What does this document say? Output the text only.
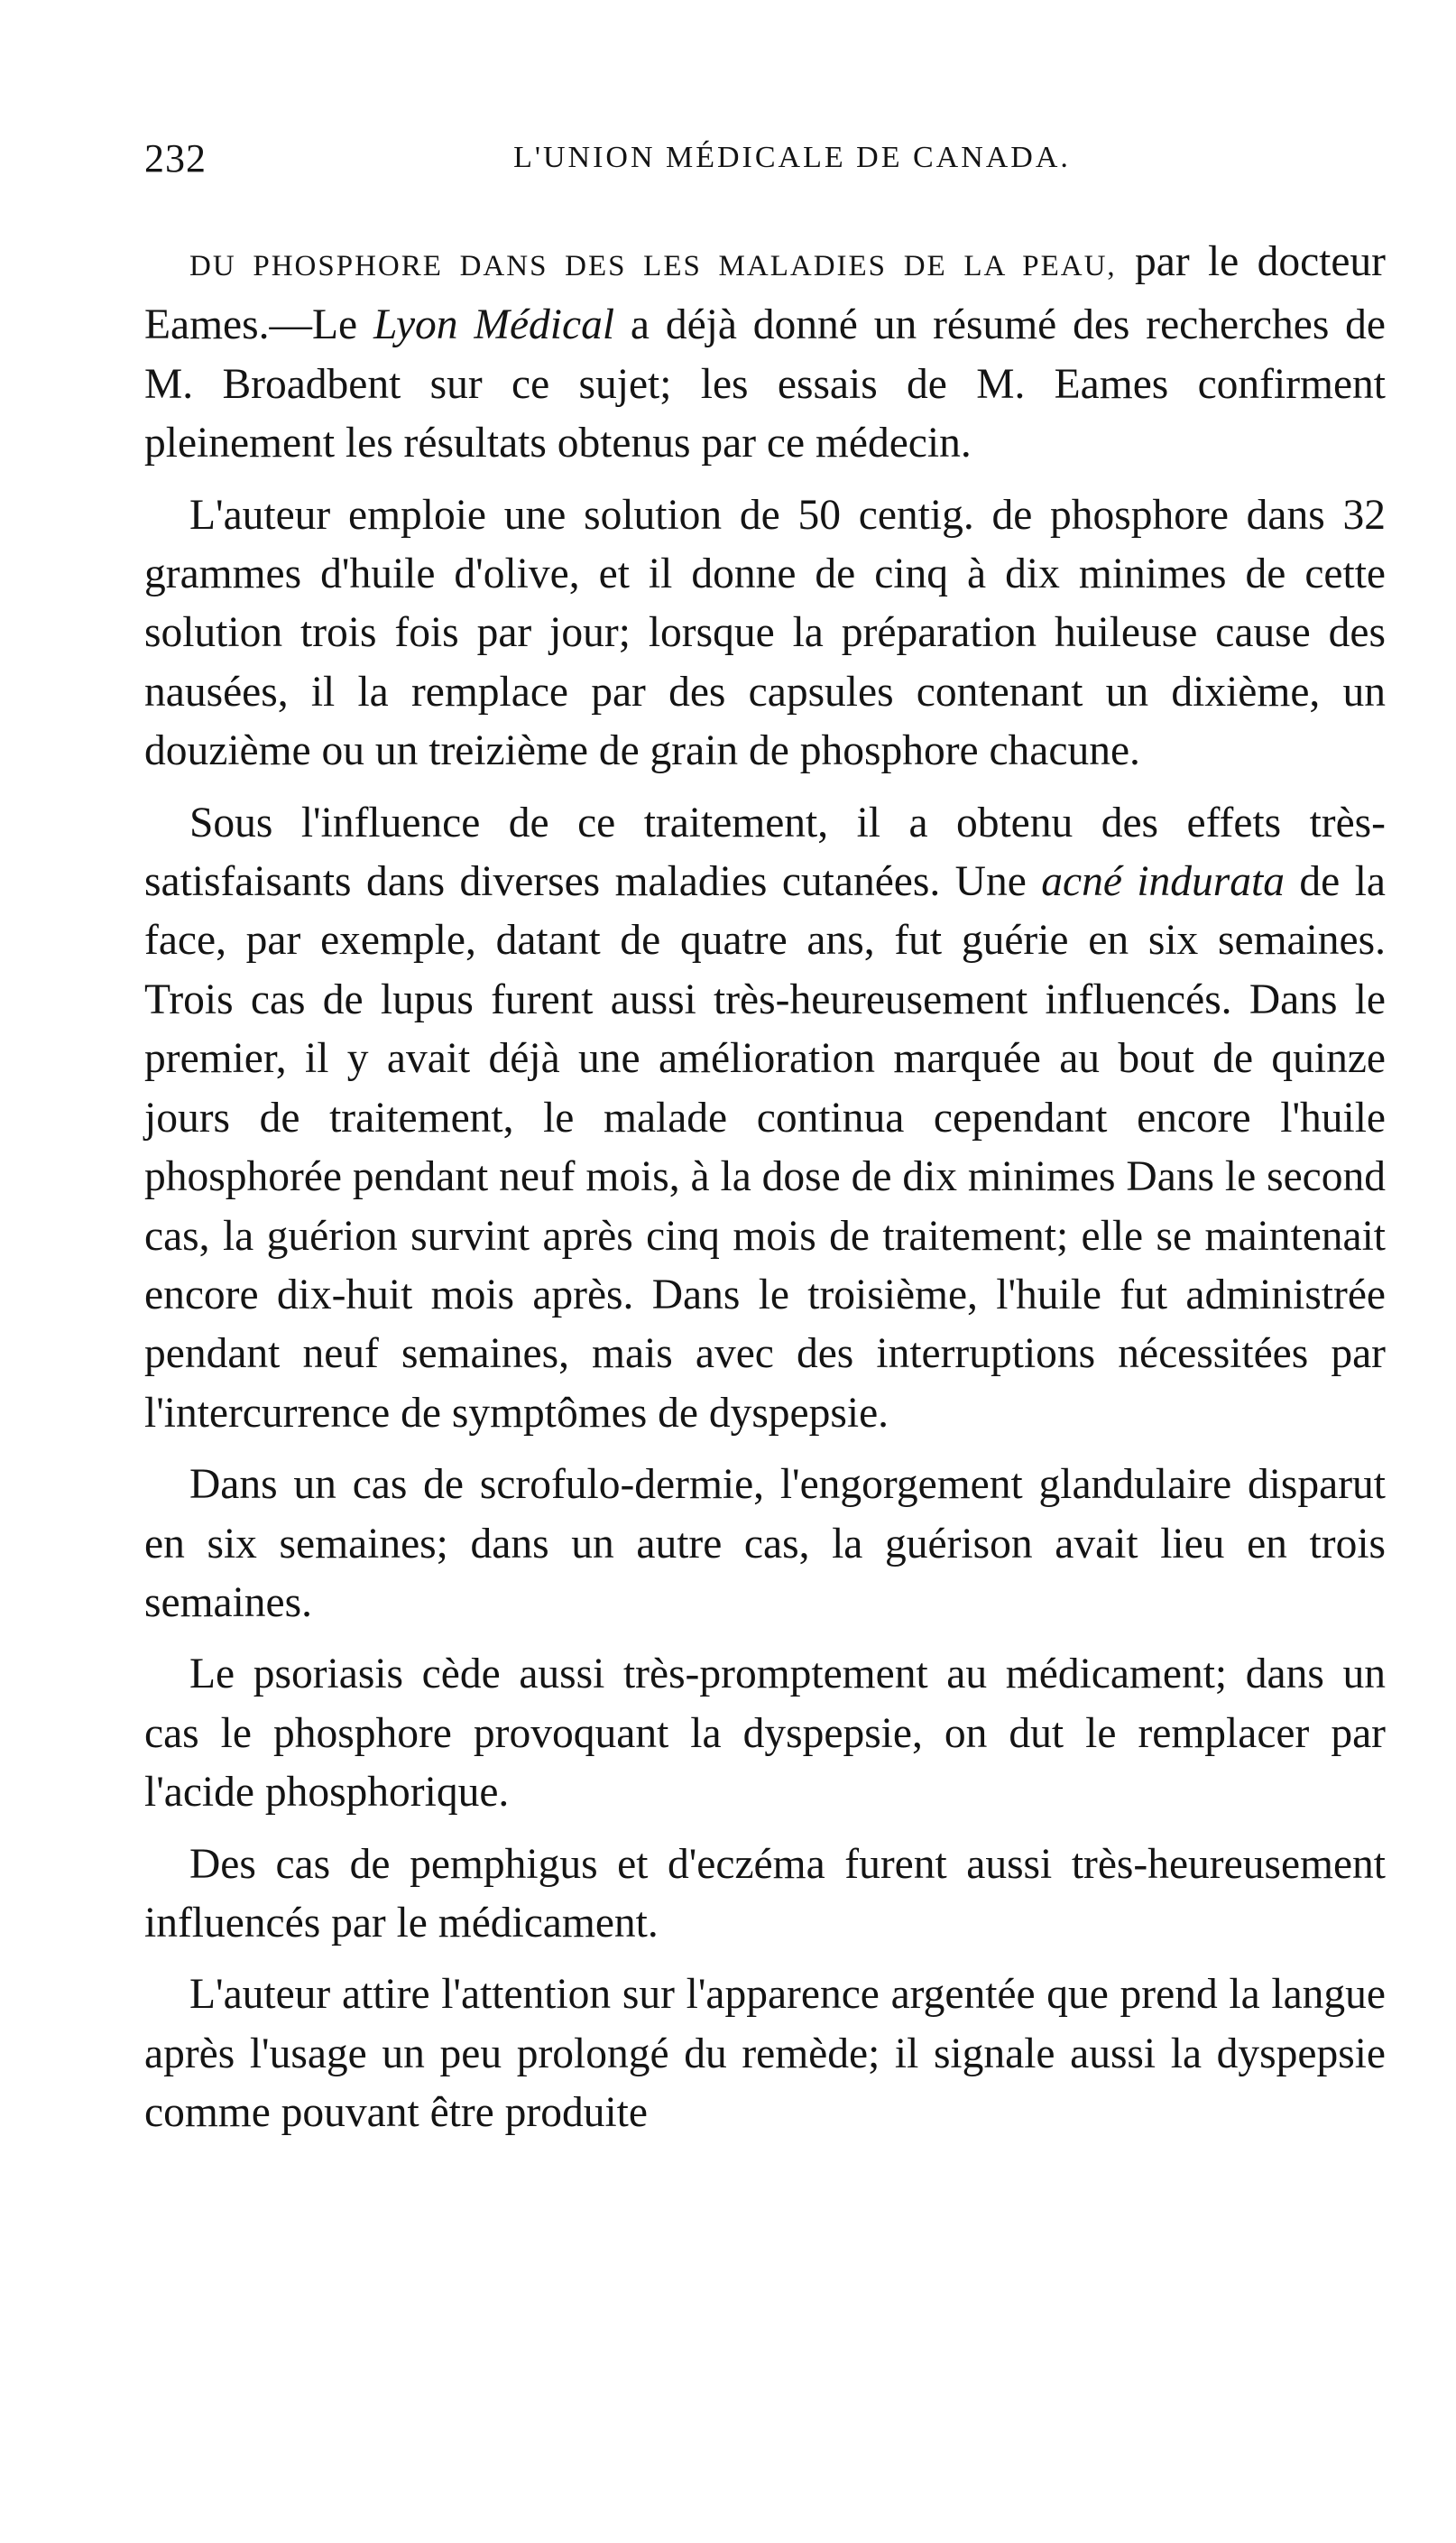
232	L'UNION MÉDICALE DE CANADA.

DU PHOSPHORE DANS DES LES MALADIES DE LA PEAU, par le docteur Eames.—Le Lyon Médical a déjà donné un résumé des recherches de M. Broadbent sur ce sujet; les essais de M. Eames confirment pleinement les résultats obtenus par ce médecin.

L'auteur emploie une solution de 50 centig. de phosphore dans 32 grammes d'huile d'olive, et il donne de cinq à dix minimes de cette solution trois fois par jour; lorsque la préparation huileuse cause des nausées, il la remplace par des capsules contenant un dixième, un douzième ou un treizième de grain de phosphore chacune.

Sous l'influence de ce traitement, il a obtenu des effets très-satisfaisants dans diverses maladies cutanées. Une acné indurata de la face, par exemple, datant de quatre ans, fut guérie en six semaines. Trois cas de lupus furent aussi très-heureusement influencés. Dans le premier, il y avait déjà une amélioration marquée au bout de quinze jours de traitement, le malade continua cependant encore l'huile phosphorée pendant neuf mois, à la dose de dix minimes Dans le second cas, la guérion survint après cinq mois de traitement; elle se maintenait encore dix-huit mois après. Dans le troisième, l'huile fut administrée pendant neuf semaines, mais avec des interruptions nécessitées par l'intercurrence de symptômes de dyspepsie.

Dans un cas de scrofulo-dermie, l'engorgement glandulaire disparut en six semaines; dans un autre cas, la guérison avait lieu en trois semaines.

Le psoriasis cède aussi très-promptement au médicament; dans un cas le phosphore provoquant la dyspepsie, on dut le remplacer par l'acide phosphorique.

Des cas de pemphigus et d'eczéma furent aussi très-heureusement influencés par le médicament.

L'auteur attire l'attention sur l'apparence argentée que prend la langue après l'usage un peu prolongé du remède; il signale aussi la dyspepsie comme pouvant être produite
